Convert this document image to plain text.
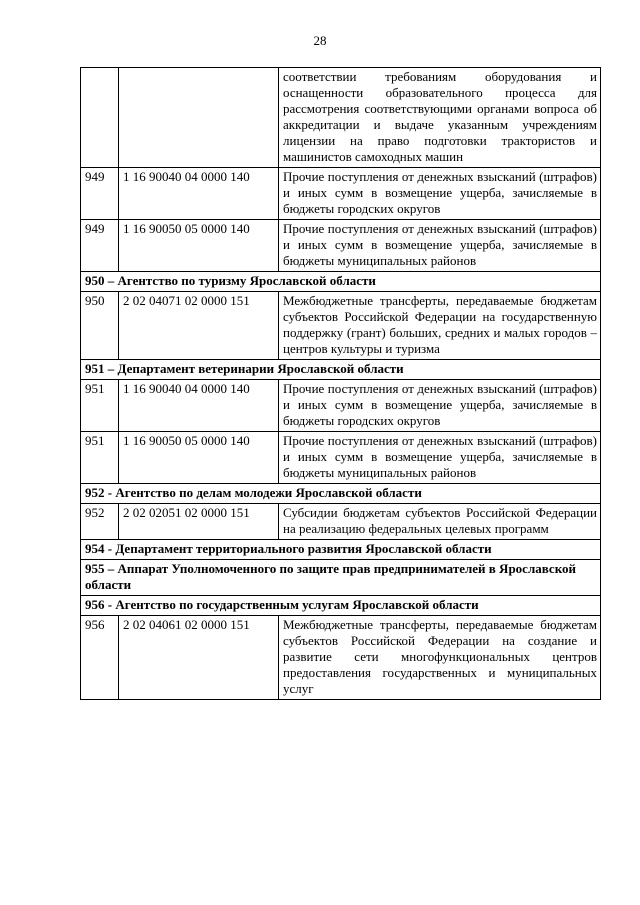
28
		соответствии требованиям оборудования и оснащенности образовательного процесса для рассмотрения соответствующими органами вопроса об аккредитации и выдаче указанным учреждениям лицензии на право подготовки трактористов и машинистов самоходных машин
949	1 16 90040 04 0000 140	Прочие поступления от денежных взысканий (штрафов) и иных сумм в возмещение ущерба, зачисляемые в бюджеты городских округов
949	1 16 90050 05 0000 140	Прочие поступления от денежных взысканий (штрафов) и иных сумм в возмещение ущерба, зачисляемые в бюджеты муниципальных районов
950 – Агентство по туризму Ярославской области		
950	2 02 04071 02 0000 151	Межбюджетные трансферты, передаваемые бюджетам субъектов Российской Федерации на государственную поддержку (грант) больших, средних и малых городов – центров культуры и туризма
951 – Департамент ветеринарии Ярославской области		
951	1 16 90040 04 0000 140	Прочие поступления от денежных взысканий (штрафов) и иных сумм в возмещение ущерба, зачисляемые в бюджеты городских округов
951	1 16 90050 05 0000 140	Прочие поступления от денежных взысканий (штрафов) и иных сумм в возмещение ущерба, зачисляемые в бюджеты муниципальных районов
952 - Агентство по делам молодежи Ярославской области		
952	2 02 02051 02 0000 151	Субсидии бюджетам субъектов Российской Федерации на реализацию федеральных целевых программ
954 - Департамент территориального развития Ярославской области		
955 – Аппарат Уполномоченного по защите прав предпринимателей в Ярославской области		
956 - Агентство по государственным услугам Ярославской области		
956	2 02 04061 02 0000 151	Межбюджетные трансферты, передаваемые бюджетам субъектов Российской Федерации на создание и развитие сети многофункциональных центров предоставления государственных и муниципальных услуг
